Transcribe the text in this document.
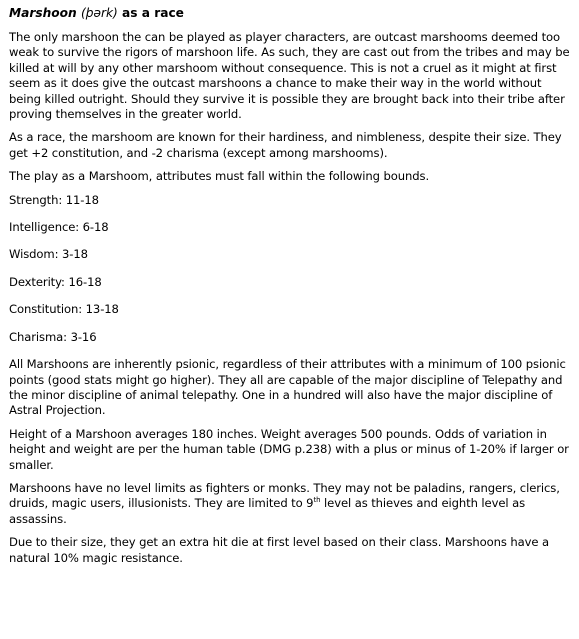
Marshoon (þərk) as a race

The only marshoon the can be played as player characters, are outcast marshooms deemed too weak to survive the rigors of marshoon life. As such, they are cast out from the tribes and may be killed at will by any other marshoom without consequence. This is not a cruel as it might at first seem as it does give the outcast marshoons a chance to make their way in the world without being killed outright. Should they survive it is possible they are brought back into their tribe after proving themselves in the greater world.

As a race, the marshoom are known for their hardiness, and nimbleness, despite their size. They get +2 constitution, and -2 charisma (except among marshooms).

The play as a Marshoom, attributes must fall within the following bounds.

Strength: 11-18

Intelligence: 6-18

Wisdom: 3-18

Dexterity: 16-18

Constitution: 13-18

Charisma: 3-16

All Marshoons are inherently psionic, regardless of their attributes with a minimum of 100 psionic points (good stats might go higher). They all are capable of the major discipline of Telepathy and the minor discipline of animal telepathy. One in a hundred will also have the major discipline of Astral Projection.

Height of a Marshoon averages 180 inches. Weight averages 500 pounds. Odds of variation in height and weight are per the human table (DMG p.238) with a plus or minus of 1-20% if larger or smaller.

Marshoons have no level limits as fighters or monks. They may not be paladins, rangers, clerics, druids, magic users, illusionists. They are limited to 9th level as thieves and eighth level as assassins.

Due to their size, they get an extra hit die at first level based on their class. Marshoons have a natural 10% magic resistance.
